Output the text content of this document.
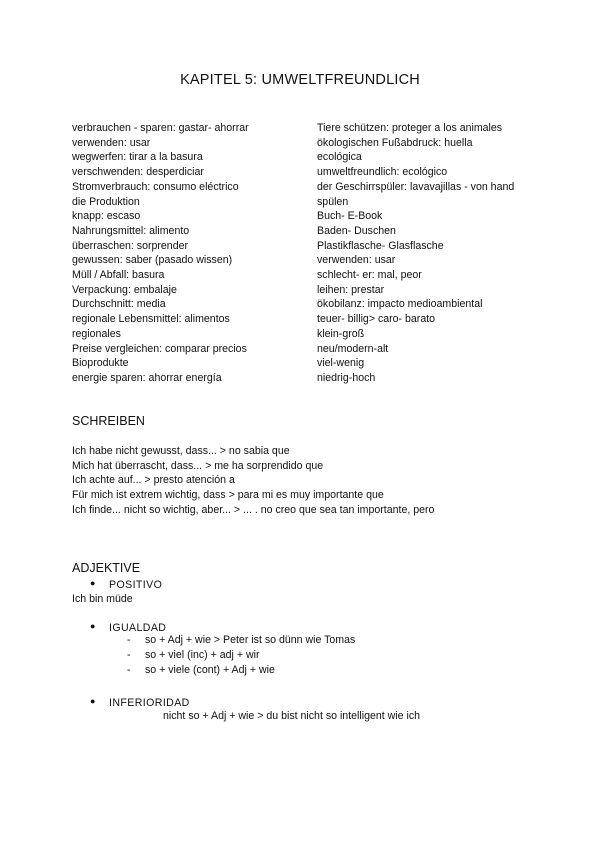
KAPITEL 5: UMWELTFREUNDLICH
verbrauchen - sparen: gastar- ahorrar
verwenden: usar
wegwerfen: tirar a la basura
verschwenden: desperdiciar
Stromverbrauch: consumo eléctrico
die Produktion
knapp: escaso
Nahrungsmittel: alimento
überraschen: sorprender
gewussen: saber (pasado wissen)
Müll / Abfall: basura
Verpackung: embalaje
Durchschnitt: media
regionale Lebensmittel: alimentos
regionales
Preise vergleichen: comparar precios
Bioprodukte
energie sparen: ahorrar energía
Tiere schützen: proteger a los animales
ökologischen Fußabdruck: huella
ecológica
umweltfreundlich: ecológico
der Geschirrspüler: lavavajillas - von hand
spülen
Buch- E-Book
Baden- Duschen
Plastikflasche- Glasflasche
verwenden: usar
schlecht- er: mal, peor
leihen: prestar
ökobilanz: impacto medioambiental
teuer- billig> caro- barato
klein-groß
neu/modern-alt
viel-wenig
niedrig-hoch
SCHREIBEN
Ich habe nicht gewusst, dass... > no sabia que
Mich hat überrascht, dass... > me ha sorprendido que
Ich achte auf... > presto atención a
Für mich ist extrem wichtig, dass > para mi es muy importante que
Ich finde... nicht so wichtig, aber... > ... . no creo que sea tan importante, pero
ADJEKTIVE
● POSITIVO
Ich bin müde
● IGUALDAD
- so + Adj + wie > Peter ist so dünn wie Tomas
- so + viel (inc) + adj + wir
- so + viele (cont) + Adj + wie
● INFERIORIDAD
nicht so + Adj + wie > du bist nicht so intelligent wie ich
